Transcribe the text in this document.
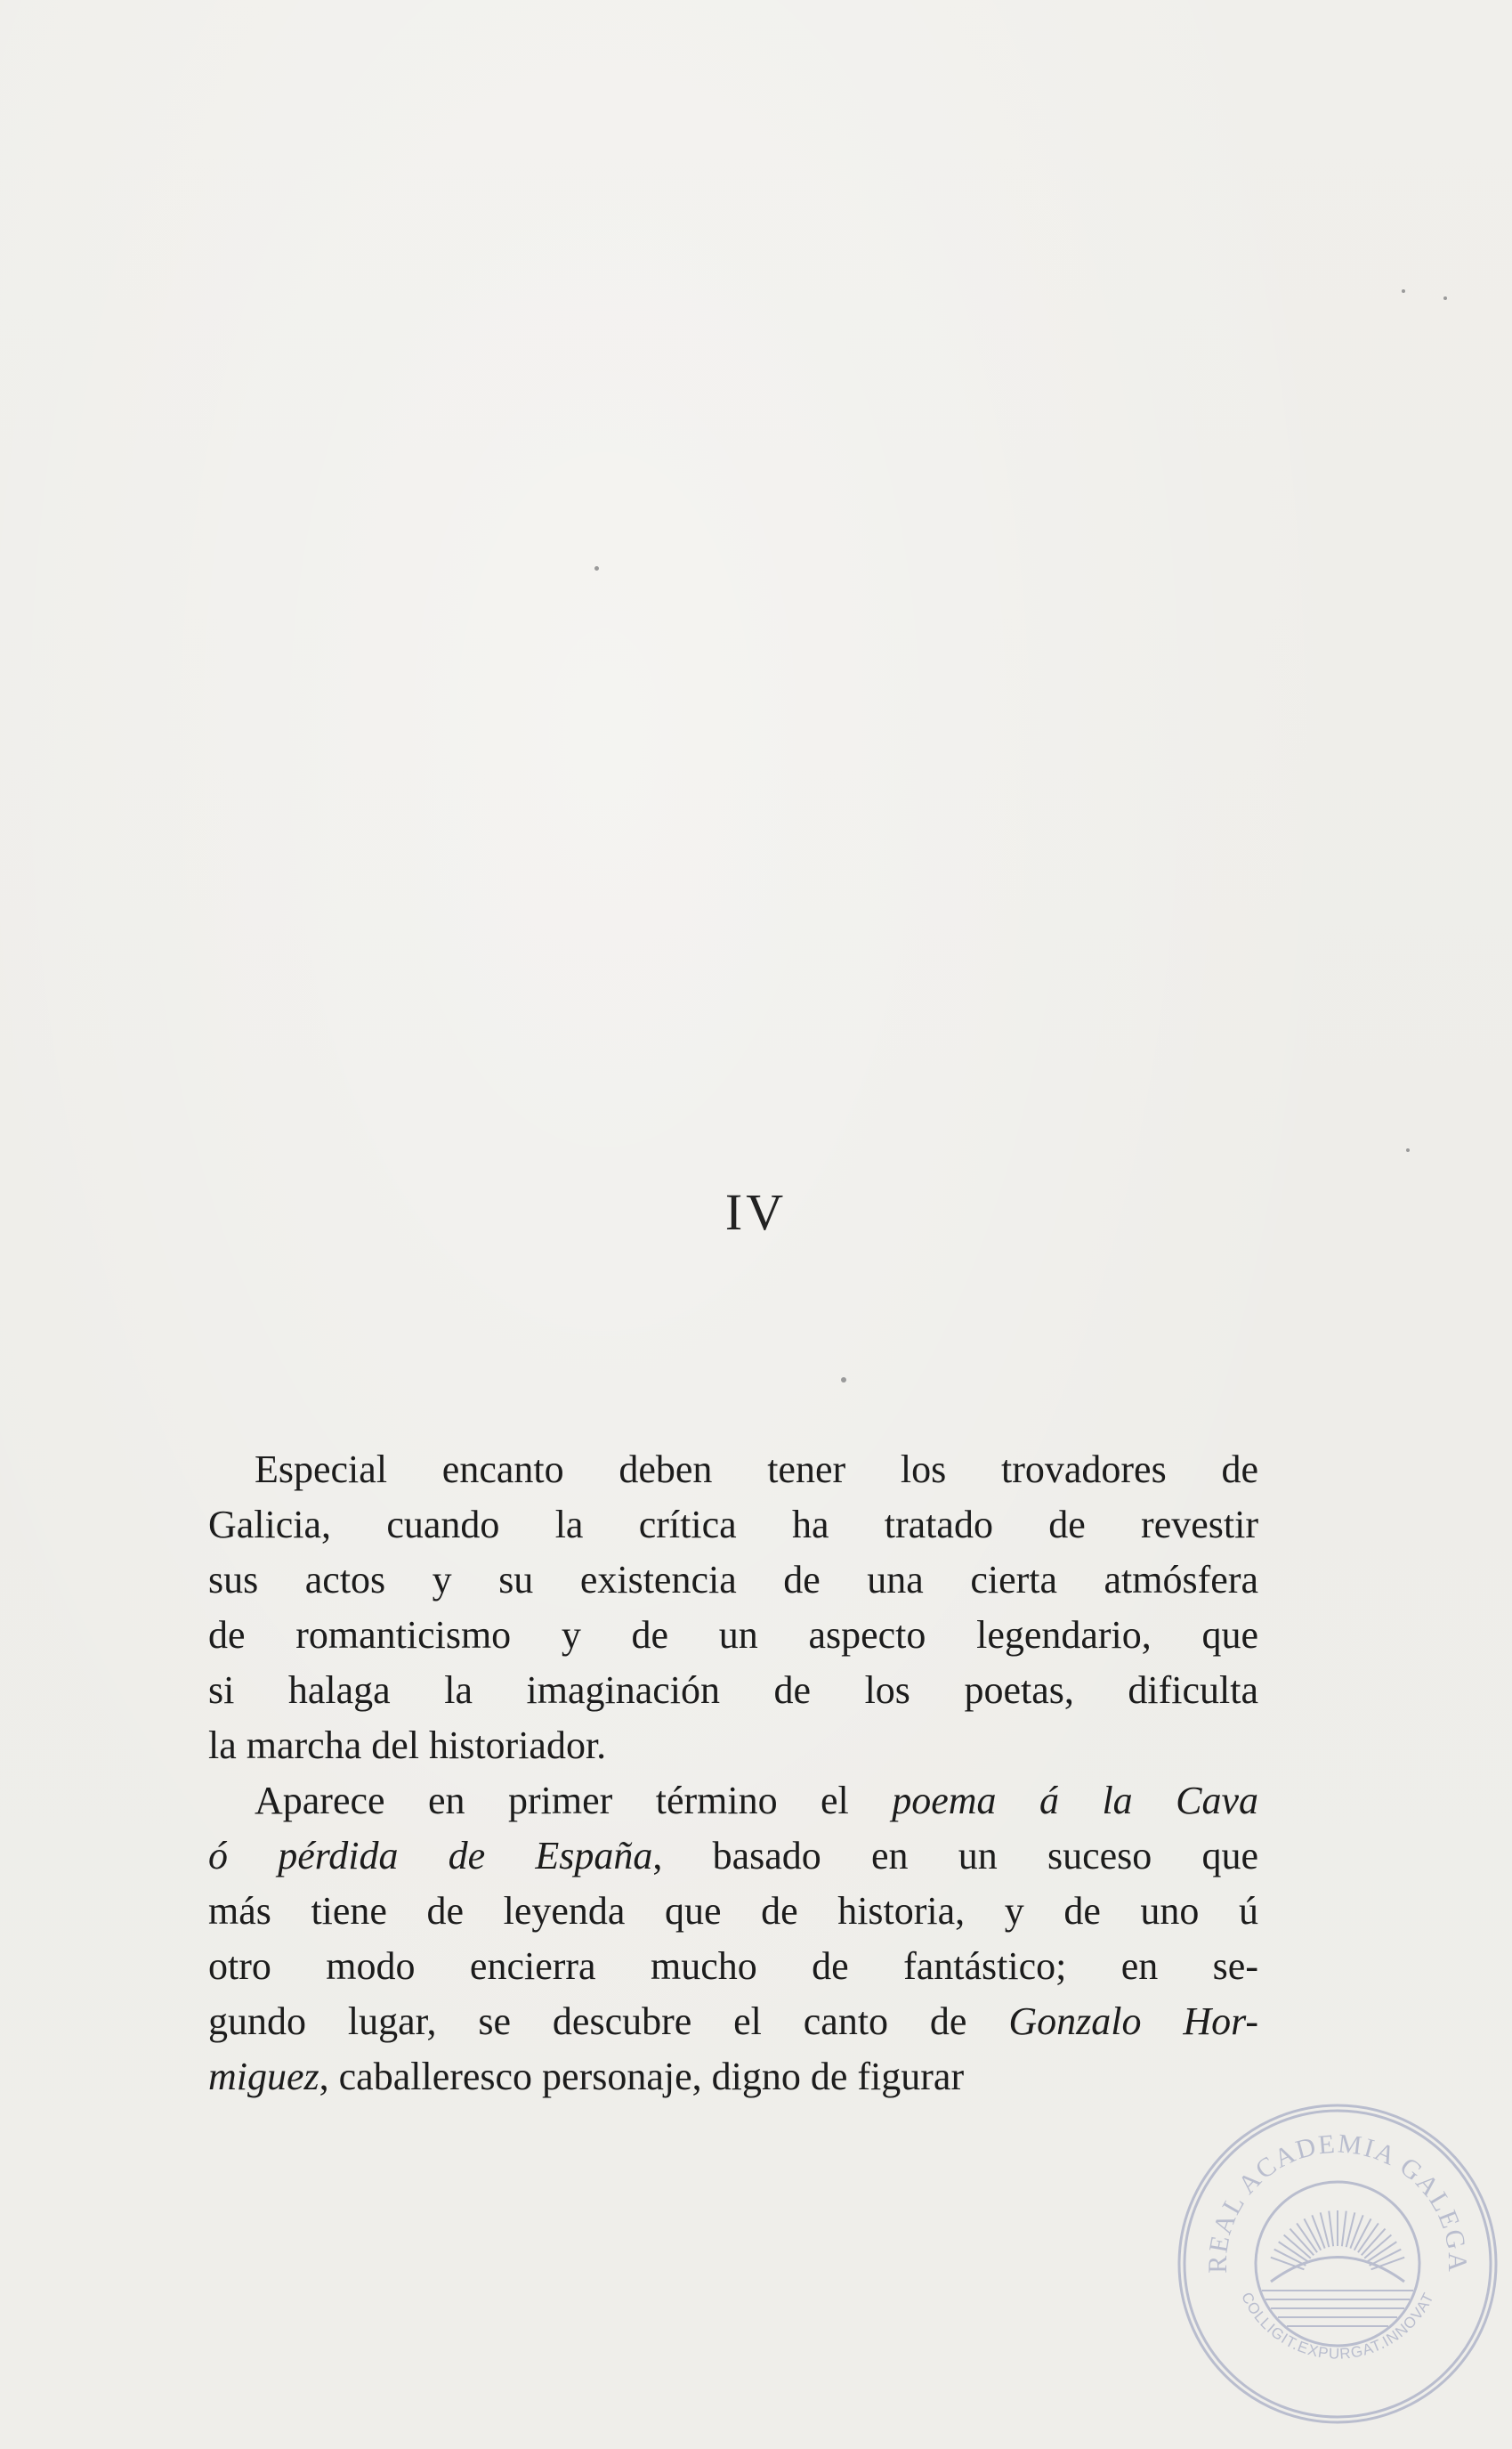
IV
Especial encanto deben tener los trovadores de
Galicia, cuando la crítica ha tratado de revestir
sus actos y su existencia de una cierta atmósfera
de romanticismo y de un aspecto legendario, que
si halaga la imaginación de los poetas, dificulta
la marcha del historiador.
Aparece en primer término el poema á la Cava
ó pérdida de España, basado en un suceso que
más tiene de leyenda que de historia, y de uno ú
otro modo encierra mucho de fantástico; en se-
gundo lugar, se descubre el canto de Gonzalo Hor-
miguez, caballeresco personaje, digno de figurar
REAL ACADEMIA GALEGA
COLLIGIT.EXPURGAT.INNOVAT
